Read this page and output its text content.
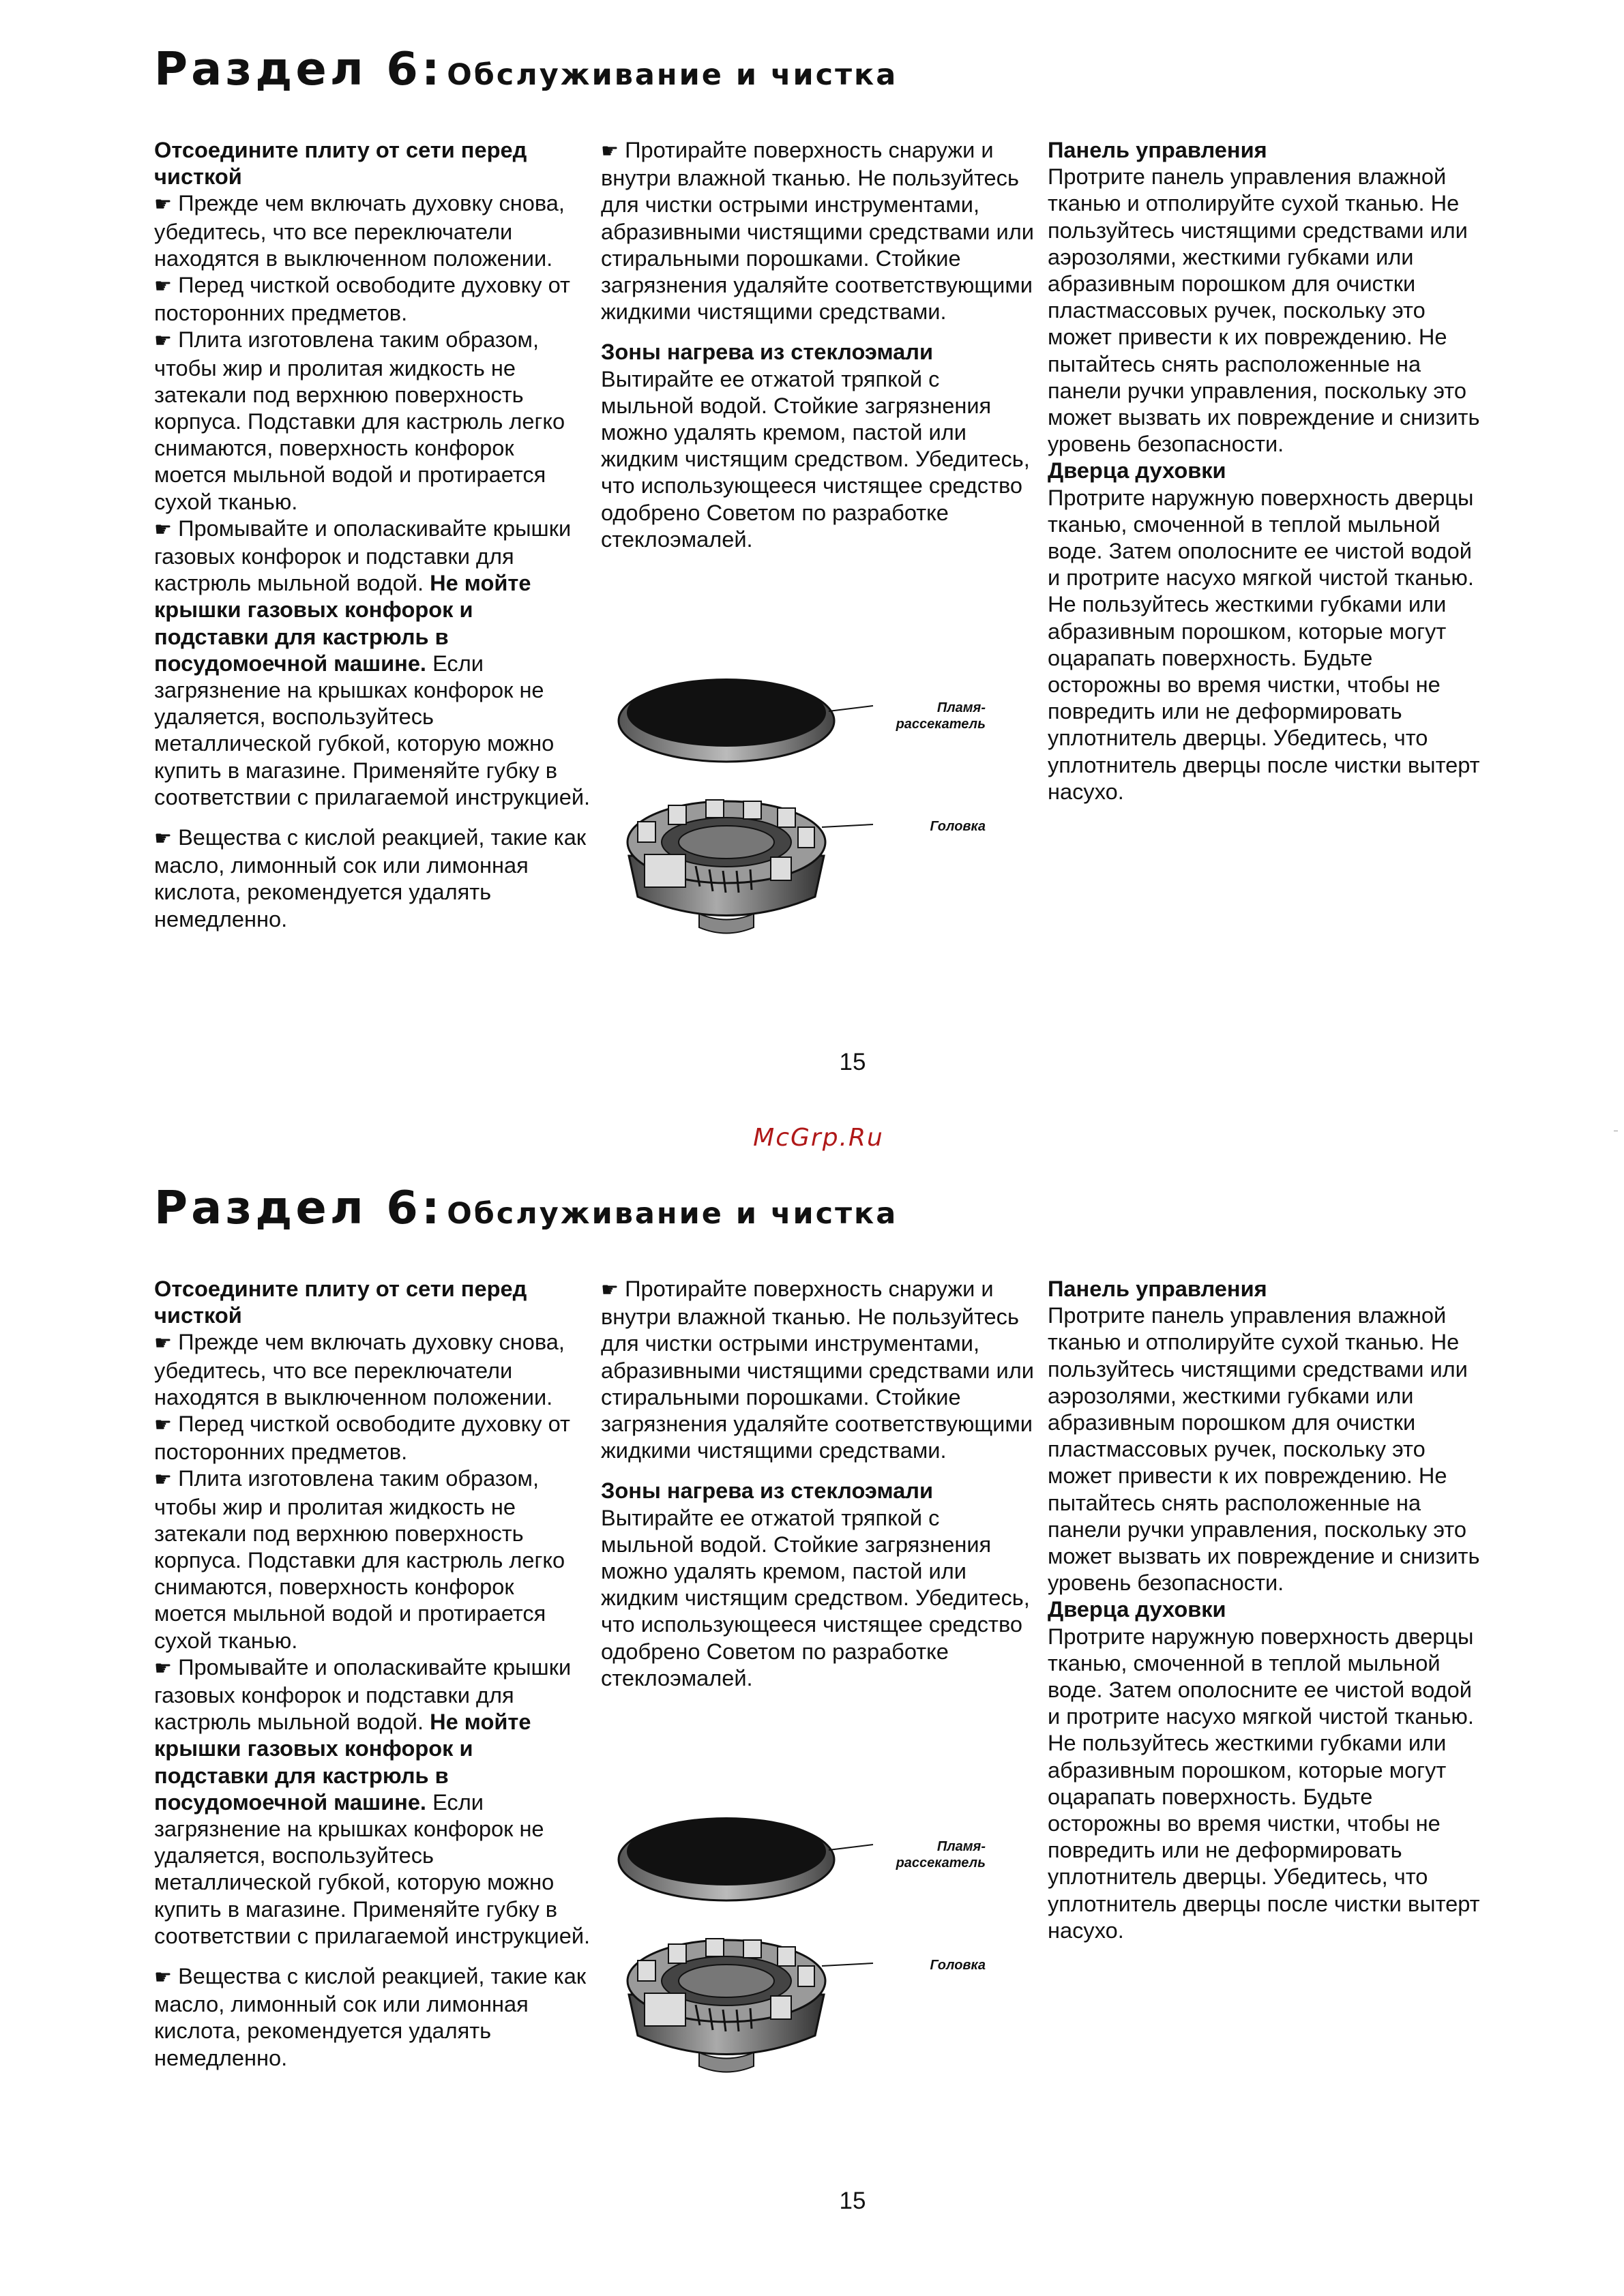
Раздел 6: Обслуживание и чистка

Отсоедините плиту от сети перед чисткой

☛ Прежде чем включать духовку снова, убедитесь, что все переключатели находятся в выключенном положении.

☛ Перед чисткой освободите духовку от посторонних предметов.

☛ Плита изготовлена таким образом, чтобы жир и пролитая жидкость не затекали под верхнюю поверхность корпуса. Подставки для кастрюль легко снимаются, поверхность конфорок моется мыльной водой и протирается сухой тканью.

☛ Промывайте и ополаскивайте крышки газовых конфорок и подставки для кастрюль мыльной водой. Не мойте крышки газовых конфорок и подставки для кастрюль в посудомоечной машине. Если загрязнение на крышках конфорок не удаляется, воспользуйтесь металлической губкой, которую можно купить в магазине. Применяйте губку в соответствии с прилагаемой инструкцией.

☛ Вещества с кислой реакцией, такие как масло, лимонный сок или лимонная кислота, рекомендуется удалять немедленно.

☛ Протирайте поверхность снаружи и внутри влажной тканью. Не пользуйтесь для чистки острыми инструментами, абразивными чистящими средствами или стиральными порошками. Стойкие загрязнения удаляйте соответствующими жидкими чистящими средствами.

Зоны нагрева из стеклоэмали

Вытирайте ее отжатой тряпкой с мыльной водой. Стойкие загрязнения можно удалять кремом, пастой или жидким чистящим средством. Убедитесь, что использующееся чистящее средство одобрено Советом по разработке стеклоэмалей.

Пламя-рассекатель
Головка

Панель управления

Протрите панель управления влажной тканью и отполируйте сухой тканью. Не пользуйтесь чистящими средствами или аэрозолями, жесткими губками или абразивным порошком для очистки пластмассовых ручек, поскольку это может привести к их повреждению. Не пытайтесь снять расположенные на панели ручки управления, поскольку это может вызвать их повреждение и снизить уровень безопасности.

Дверца духовки

Протрите наружную поверхность дверцы тканью, смоченной в теплой мыльной воде. Затем ополосните ее чистой водой и протрите насухо мягкой чистой тканью. Не пользуйтесь жесткими губками или абразивным порошком, которые могут оцарапать поверхность. Будьте осторожны во время чистки, чтобы не повредить или не деформировать уплотнитель дверцы. Убедитесь, что уплотнитель дверцы после чистки вытерт насухо.

15
McGrp.Ru
Раздел 6: Обслуживание и чистка

Отсоедините плиту от сети перед чисткой

☛ Прежде чем включать духовку снова, убедитесь, что все переключатели находятся в выключенном положении.

☛ Перед чисткой освободите духовку от посторонних предметов.

☛ Плита изготовлена таким образом, чтобы жир и пролитая жидкость не затекали под верхнюю поверхность корпуса. Подставки для кастрюль легко снимаются, поверхность конфорок моется мыльной водой и протирается сухой тканью.

☛ Промывайте и ополаскивайте крышки газовых конфорок и подставки для кастрюль мыльной водой. Не мойте крышки газовых конфорок и подставки для кастрюль в посудомоечной машине. Если загрязнение на крышках конфорок не удаляется, воспользуйтесь металлической губкой, которую можно купить в магазине. Применяйте губку в соответствии с прилагаемой инструкцией.

☛ Вещества с кислой реакцией, такие как масло, лимонный сок или лимонная кислота, рекомендуется удалять немедленно.

☛ Протирайте поверхность снаружи и внутри влажной тканью. Не пользуйтесь для чистки острыми инструментами, абразивными чистящими средствами или стиральными порошками. Стойкие загрязнения удаляйте соответствующими жидкими чистящими средствами.

Зоны нагрева из стеклоэмали

Вытирайте ее отжатой тряпкой с мыльной водой. Стойкие загрязнения можно удалять кремом, пастой или жидким чистящим средством. Убедитесь, что использующееся чистящее средство одобрено Советом по разработке стеклоэмалей.

Пламя-рассекатель
Головка

Панель управления

Протрите панель управления влажной тканью и отполируйте сухой тканью. Не пользуйтесь чистящими средствами или аэрозолями, жесткими губками или абразивным порошком для очистки пластмассовых ручек, поскольку это может привести к их повреждению. Не пытайтесь снять расположенные на панели ручки управления, поскольку это может вызвать их повреждение и снизить уровень безопасности.

Дверца духовки

Протрите наружную поверхность дверцы тканью, смоченной в теплой мыльной воде. Затем ополосните ее чистой водой и протрите насухо мягкой чистой тканью. Не пользуйтесь жесткими губками или абразивным порошком, которые могут оцарапать поверхность. Будьте осторожны во время чистки, чтобы не повредить или не деформировать уплотнитель дверцы. Убедитесь, что уплотнитель дверцы после чистки вытерт насухо.

15
